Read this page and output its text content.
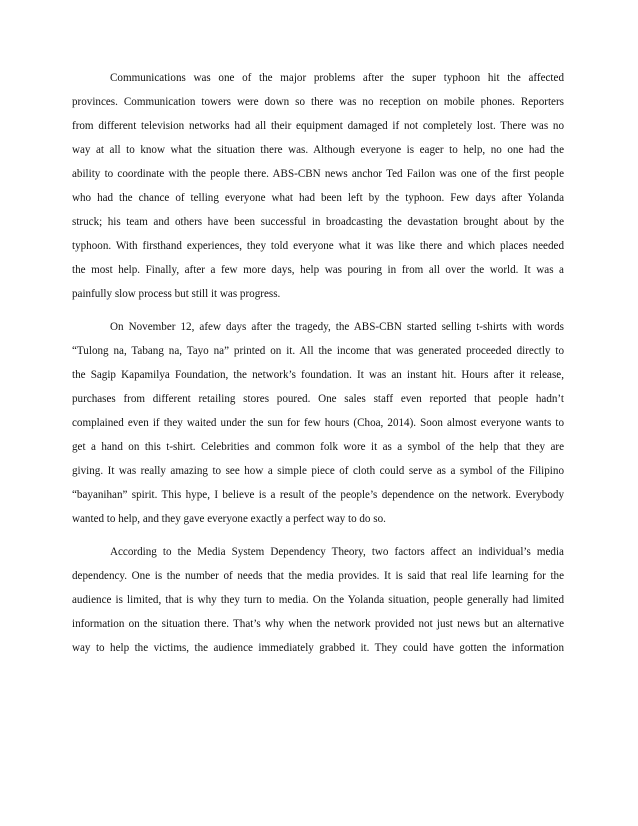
Communications was one of the major problems after the super typhoon hit the affected
provinces. Communication towers were down so there was no reception on mobile phones. Reporters
from different television networks had all their equipment damaged if not completely lost. There was no
way at all to know what the situation there was. Although everyone is eager to help, no one had the
ability to coordinate with the people there. ABS-CBN news anchor Ted Failon was one of the first people
who had the chance of telling everyone what had been left by the typhoon. Few days after Yolanda
struck; his team and others have been successful in broadcasting the devastation brought about by the
typhoon. With firsthand experiences, they told everyone what it was like there and which places needed
the most help. Finally, after a few more days, help was pouring in from all over the world. It was a
painfully slow process but still it was progress.
On November 12, afew days after the tragedy, the ABS-CBN started selling t-shirts with words
“Tulong na, Tabang na, Tayo na” printed on it. All the income that was generated proceeded directly to
the Sagip Kapamilya Foundation, the network’s foundation. It was an instant hit. Hours after it release,
purchases from different retailing stores poured. One sales staff even reported that people hadn’t
complained even if they waited under the sun for few hours (Choa, 2014). Soon almost everyone wants to
get a hand on this t-shirt. Celebrities and common folk wore it as a symbol of the help that they are
giving. It was really amazing to see how a simple piece of cloth could serve as a symbol of the Filipino
“bayanihan” spirit. This hype, I believe is a result of the people’s dependence on the network. Everybody
wanted to help, and they gave everyone exactly a perfect way to do so.
According to the Media System Dependency Theory, two factors affect an individual’s media
dependency. One is the number of needs that the media provides. It is said that real life learning for the
audience is limited, that is why they turn to media. On the Yolanda situation, people generally had limited
information on the situation there. That’s why when the network provided not just news but an alternative
way to help the victims, the audience immediately grabbed it. They could have gotten the information
